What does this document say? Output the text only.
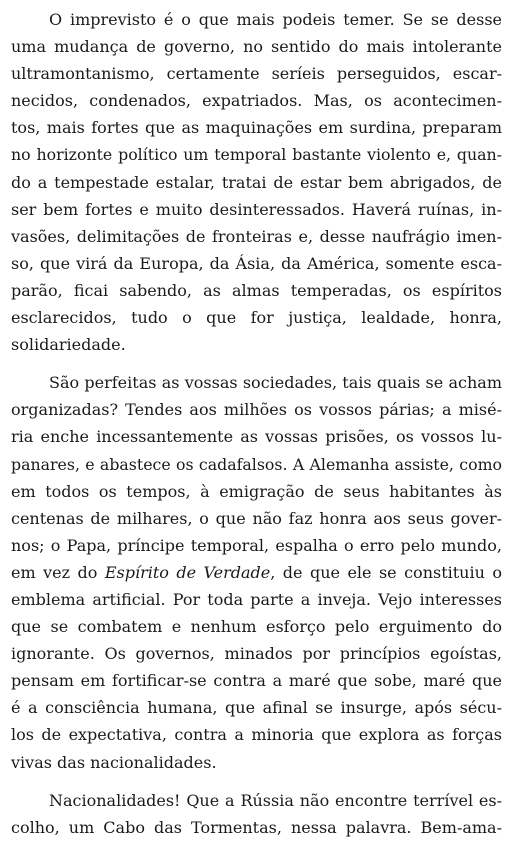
O imprevisto é o que mais podeis temer. Se se desse
uma mudança de governo, no sentido do mais intolerante
ultramontanismo, certamente seríeis perseguidos, escar-
necidos, condenados, expatriados. Mas, os acontecimen-
tos, mais fortes que as maquinações em surdina, preparam
no horizonte político um temporal bastante violento e, quan-
do a tempestade estalar, tratai de estar bem abrigados, de
ser bem fortes e muito desinteressados. Haverá ruínas, in-
vasões, delimitações de fronteiras e, desse naufrágio imen-
so, que virá da Europa, da Ásia, da América, somente esca-
parão, ficai sabendo, as almas temperadas, os espíritos
esclarecidos, tudo o que for justiça, lealdade, honra,
solidariedade.

São perfeitas as vossas sociedades, tais quais se acham
organizadas? Tendes aos milhões os vossos párias; a misé-
ria enche incessantemente as vossas prisões, os vossos lu-
panares, e abastece os cadafalsos. A Alemanha assiste, como
em todos os tempos, à emigração de seus habitantes às
centenas de milhares, o que não faz honra aos seus gover-
nos; o Papa, príncipe temporal, espalha o erro pelo mundo,
em vez do Espírito de Verdade, de que ele se constituiu o
emblema artificial. Por toda parte a inveja. Vejo interesses
que se combatem e nenhum esforço pelo erguimento do
ignorante. Os governos, minados por princípios egoístas,
pensam em fortificar-se contra a maré que sobe, maré que
é a consciência humana, que afinal se insurge, após sécu-
los de expectativa, contra a minoria que explora as forças
vivas das nacionalidades.

Nacionalidades! Que a Rússia não encontre terrível es-
colho, um Cabo das Tormentas, nessa palavra. Bem-ama-
